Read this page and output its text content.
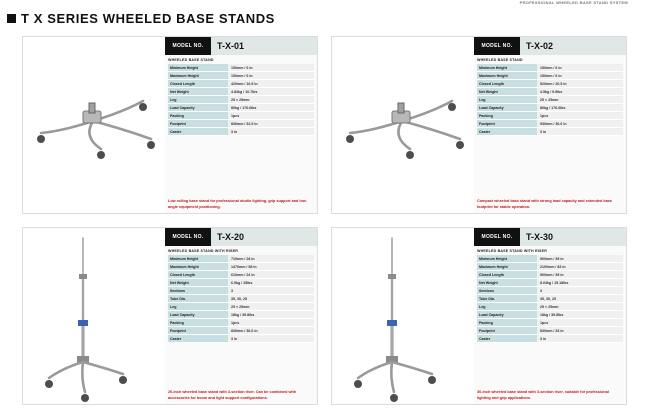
PROFESSIONAL WHEELED BASE STAND SYSTEM
T X SERIES WHEELED BASE STANDS
MODEL NO.	T-X-01
WHEELED BASE STAND
Minimum Height	150mm / 6 in
Maximum Height	150mm / 6 in
Closed Length	420mm / 16.5 in
Net Weight	4.83kg / 10.7lbs
Leg	25 × 25mm
Load Capacity	80kg / 176.6lbs
Packing	1pcs
Footprint	830mm / 32.5 in
Caster	3 in
Low rolling base stand for professional studio lighting, grip support and low-angle equipment positioning.
MODEL NO.	T-X-02
WHEELED BASE STAND
Minimum Height	150mm / 6 in
Maximum Height	150mm / 6 in
Closed Length	520mm / 20.5 in
Net Weight	4.5kg / 9.9lbs
Leg	25 × 25mm
Load Capacity	80kg / 176.6lbs
Packing	1pcs
Footprint	930mm / 36.6 in
Caster	3 in
Compact wheeled base stand with strong load capacity and extended base footprint for stable operation.
MODEL NO.	T-X-20
WHEELED BASE STAND WITH RISER
Minimum Height	710mm / 28 in
Maximum Height	1470mm / 58 in
Closed Length	610mm / 24 in
Net Weight	6.9kg / 15lbs
Sections	3
Tube Dia.	35, 30, 25
Leg	25 × 25mm
Load Capacity	18kg / 39.8lbs
Packing	1pcs
Footprint	830mm / 36.6 in
Caster	3 in
20-inch wheeled base stand with 3-section riser. Can be combined with accessories for boom and light support configurations.
MODEL NO.	T-X-30
WHEELED BASE STAND WITH RISER
Minimum Height	900mm / 35 in
Maximum Height	2100mm / 83 in
Closed Length	900mm / 35 in
Net Weight	8.04kg / 15.18lbs
Sections	3
Tube Dia.	35, 30, 25
Leg	25 × 25mm
Load Capacity	18kg / 39.8lbs
Packing	1pcs
Footprint	830mm / 33 in
Caster	3 in
30-inch wheeled base stand with 3-section riser, suitable for professional lighting and grip applications.
